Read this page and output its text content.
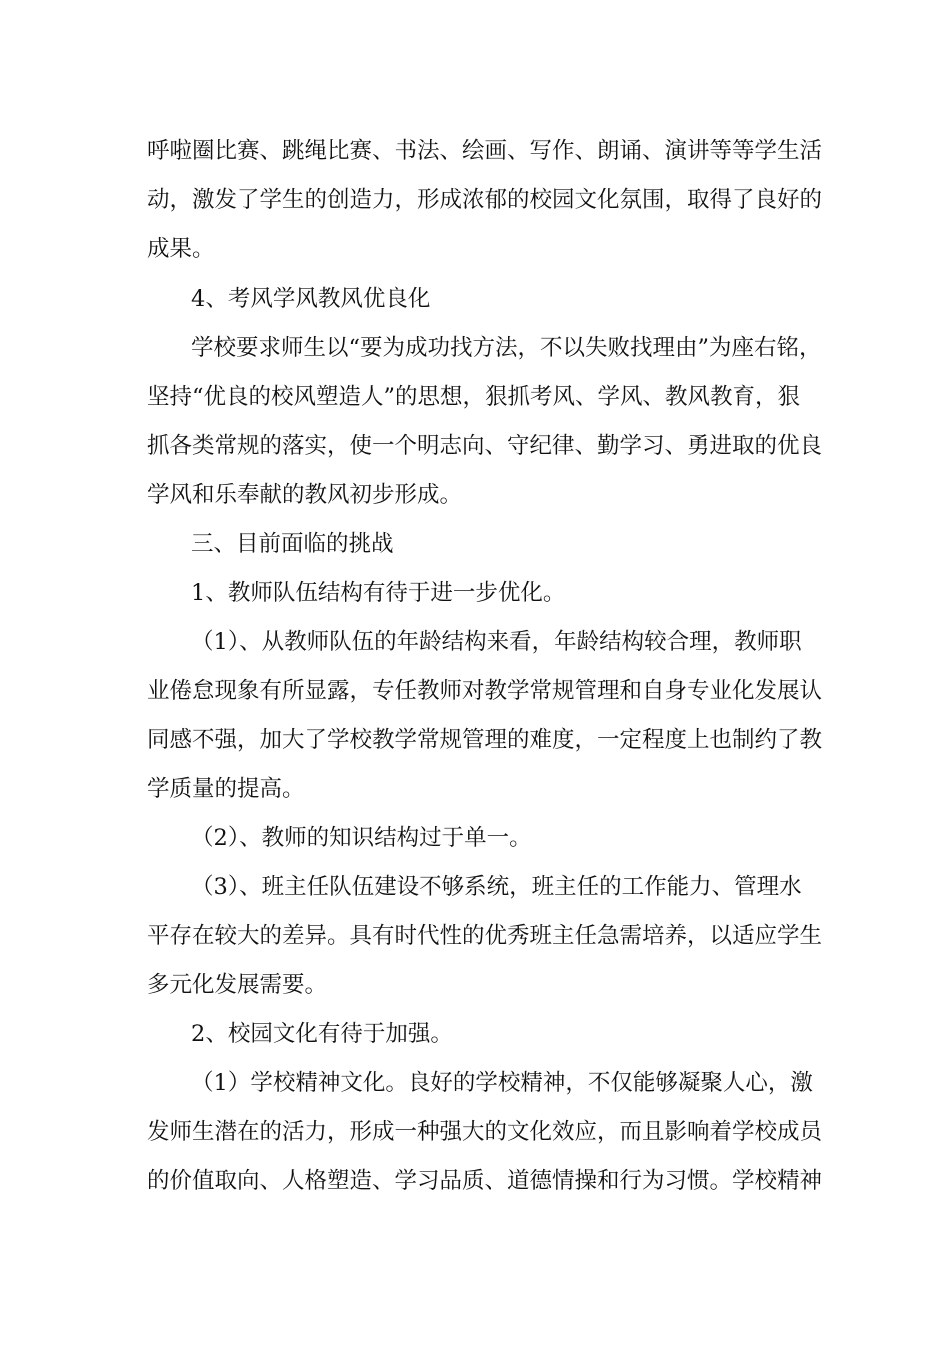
呼啦圈比赛、跳绳比赛、书法、绘画、写作、朗诵、演讲等等学生活
动，激发了学生的创造力，形成浓郁的校园文化氛围，取得了良好的
成果。
4、考风学风教风优良化
学校要求师生以“要为成功找方法，不以失败找理由”为座右铭，
坚持“优良的校风塑造人”的思想，狠抓考风、学风、教风教育，狠
抓各类常规的落实，使一个明志向、守纪律、勤学习、勇进取的优良
学风和乐奉献的教风初步形成。
三、目前面临的挑战
1、教师队伍结构有待于进一步优化。
（1）、从教师队伍的年龄结构来看，年龄结构较合理，教师职
业倦怠现象有所显露，专任教师对教学常规管理和自身专业化发展认
同感不强，加大了学校教学常规管理的难度，一定程度上也制约了教
学质量的提高。
（2）、教师的知识结构过于单一。
（3）、班主任队伍建设不够系统，班主任的工作能力、管理水
平存在较大的差异。具有时代性的优秀班主任急需培养，以适应学生
多元化发展需要。
2、校园文化有待于加强。
（1）学校精神文化。良好的学校精神，不仅能够凝聚人心，激
发师生潜在的活力，形成一种强大的文化效应，而且影响着学校成员
的价值取向、人格塑造、学习品质、道德情操和行为习惯。学校精神
